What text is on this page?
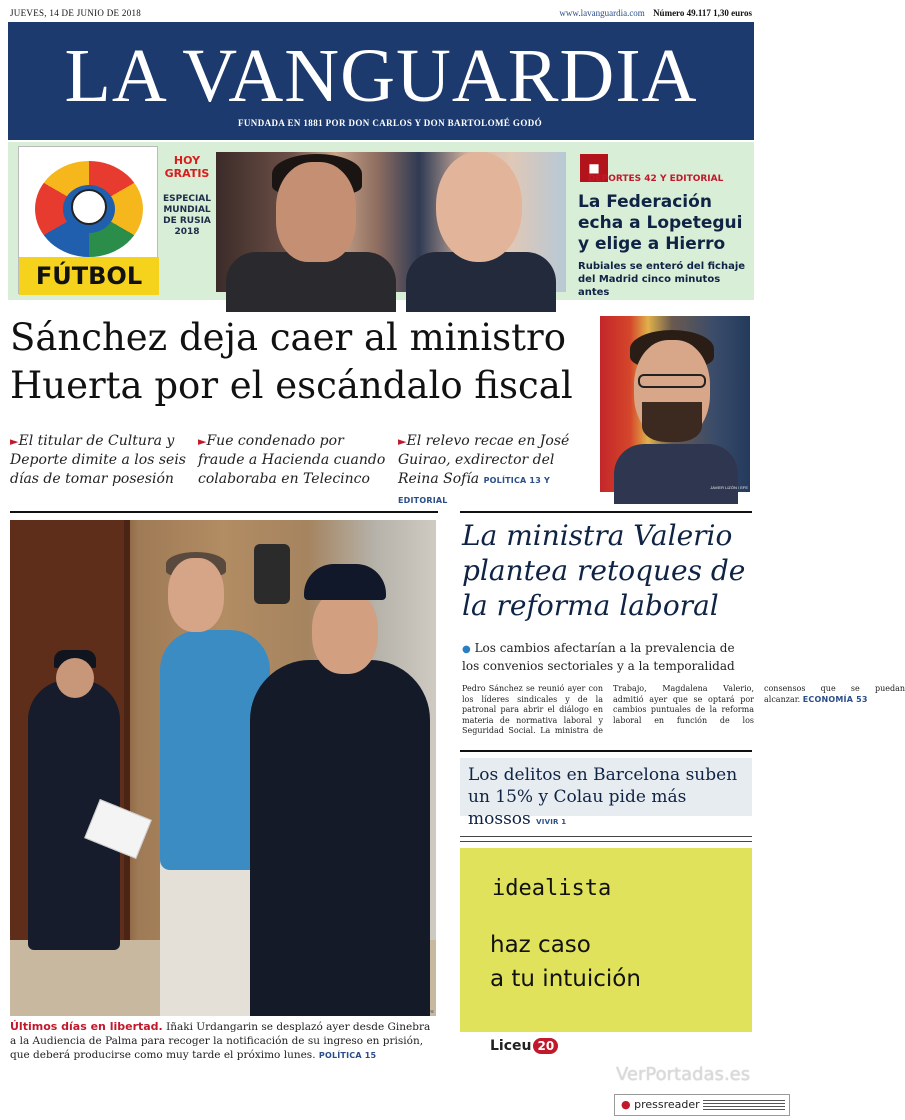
JUEVES, 14 DE JUNIO DE 2018	www.lavanguardia.com Número 49.117 1,30 euros
LA VANGUARDIA
FUNDADA EN 1881 POR DON CARLOS Y DON BARTOLOMÉ GODÓ
FÚTBOL
HOY
GRATIS
ESPECIAL
MUNDIAL
DE RUSIA
2018
■
DEPORTES 42 Y EDITORIAL
La Federación echa a Lopetegui y elige a Hierro
Rubiales se enteró del fichaje del Madrid cinco minutos antes
Sánchez deja caer al ministro
Huerta por el escándalo fiscal
►El titular de Cultura y Deporte dimite a los seis días de tomar posesión
►Fue condenado por fraude a Hacienda cuando colaboraba en Telecinco
►El relevo recae en José Guirao, exdirector del Reina Sofía POLÍTICA 13 Y EDITORIAL
JAVIER LIZÓN / EFE
EFE
Últimos días en libertad. Iñaki Urdangarin se desplazó ayer desde Ginebra a la Audiencia de Palma para recoger la notificación de su ingreso en prisión, que deberá producirse como muy tarde el próximo lunes. POLÍTICA 15
La ministra Valerio plantea retoques de la reforma laboral
● Los cambios afectarían a la prevalencia de los convenios sectoriales y a la temporalidad
Pedro Sánchez se reunió ayer con los líderes sindicales y de la patronal para abrir el diálogo en materia de normativa laboral y Seguridad Social. La ministra de Trabajo, Magdalena Valerio, admitió ayer que se optará por cambios puntuales de la reforma laboral en función de los consensos que se puedan alcanzar. ECONOMÍA 53
Los delitos en Barcelona suben un 15% y Colau pide más mossos VIVIR 1
idealista
haz caso
a tu intuición
Liceu 20
VerPortadas.es
● pressreader
